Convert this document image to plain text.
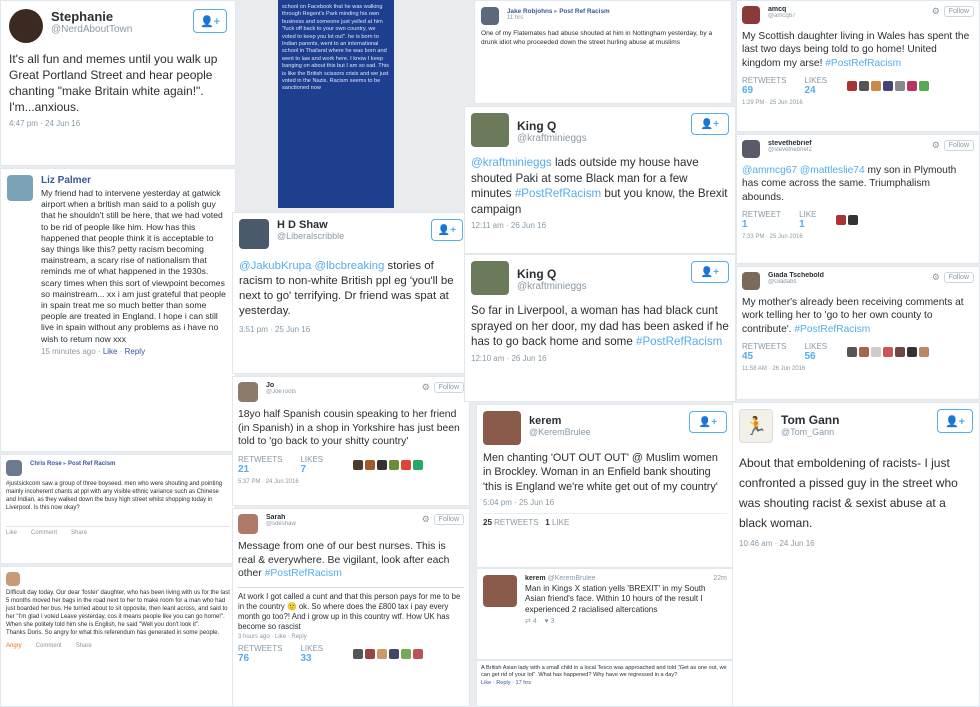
Stephanie
@NerdAboutTown
👤+
It's all fun and memes until you walk up Great Portland Street and hear people chanting "make Britain white again!". I'm...anxious.
4:47 pm · 24 Jun 16
Liz Palmer
My friend had to intervene yesterday at gatwick airport when a british man said to a polish guy that he shouldn't still be here, that we had voted to be rid of people like him. How has this happened that people think it is acceptable to say things like this? petty racism becoming mainstream, a scary rise of nationalism that reminds me of what happened in the 1930s. scary times when this sort of viewpoint becomes so mainstream... xx i am just grateful that people in spain treat me so much better than some people are treated in England. I hope i can still live in spain without any problems as i have no wish to return now xxx
15 minutes ago · Like · Reply
Chris Rose ▸ Post Ref Racism
#justsickcom saw a group of three boyseed. men who were shouting and pointing mainly incoherent chants at ppl with any visible ethnic variance such as Chinese and Indian, as they walked down the busy high street whilst shopping today in Liverpool. Is this now okay?
Like Comment Share
Difficult day today. Our dear 'foster' daughter, who has been living with us for the last 5 months moved her bags in the road next to her to make room for a man who had just boarded her bus. He turned about to sit opposite, then leant across, and said to her "I'm glad I voted Leave yesterday, cos it means people like you can go home!". When she politely told him she is English, he said "Well you don't look it".
Thanks Doris. So angry for what this referendum has generated in some people.
Angry Comment Share
school on Facebook that he was walking through Regent's Park minding his own business and someone just yelled at him "fuck off back to your own country, we voted to keep you lot out". he is born to Indian parents, went to an international school in Thailand where he was born and went to law and work here. I know I keep banging on about this but I am so sad. This is like the British scissors crisis and we just voted in the Nazis. Racism seems to be sanctioned now
H D Shaw
@Liberalscribble
👤+
@JakubKrupa @lbcbreaking stories of racism to non-white British ppl eg 'you'll be next to go' terrifying. Dr friend was spat at yesterday.
3:51 pm · 25 Jun 16
Jo
@JoeToots	⚙	Follow
18yo half Spanish cousin speaking to her friend (in Spanish) in a shop in Yorkshire has just been told to 'go back to your shitty country'
RETWEETS
21
LIKES
7
5:37 PM · 24 Jun 2016
Sarah
@sdeshaw	⚙	Follow
Message from one of our best nurses. This is real & everywhere. Be vigilant, look after each other #PostRefRacism
At work I got called a cunt and that this person pays for me to be in the country 🙂 ok. So where does the £800 tax i pay every month go too?! And i grow up in this country wtf. How UK has become so rascist
3 hours ago · Like · Reply
RETWEETS
76
LIKES
33
Jake Robjohns ▸ Post Ref Racism
11 hrs
One of my Flatemates had abuse shouted at him in Nottingham yesterday, by a drunk idiot who proceeded down the street hurling abuse at muslims
King Q
@kraftminieggs
👤+
@kraftminieggs lads outside my house have shouted Paki at some Black man for a few minutes #PostRefRacism but you know, the Brexit campaign
12:11 am · 26 Jun 16
King Q
@kraftminieggs
👤+
So far in Liverpool, a woman has had black cunt sprayed on her door, my dad has been asked if he has to go back home and some #PostRefRacism
12:10 am · 26 Jun 16
kerem
@KeremBrulee
👤+
Men chanting 'OUT OUT OUT' @ Muslim women in Brockley. Woman in an Enfield bank shouting 'this is England we're white get out of my country'
5:04 pm · 25 Jun 16
25 RETWEETS 1 LIKE
kerem @KeremBrulee	22m
Man in Kings X station yells 'BREXIT' in my South Asian friend's face. Within 10 hours of the result I experienced 2 racialised altercations
⇄ 4 ♥ 3
A British Asian lady with a small child in a local Tesco was approached and told "Get as one out, we can get rid of your lot". What has happened? Why have we regressed in a day?
Like · Reply · 17 hrs
amcq
@amcq67	⚙	Follow
My Scottish daughter living in Wales has spent the last two days being told to go home! United kingdom my arse! #PostRefRacism
RETWEETS
69
LIKES
24
1:29 PM · 25 Jun 2016
stevethebrief
@stevethebrief2	⚙	Follow
@ammcg67 @mattleslie74 my son in Plymouth has come across the same. Triumphalism abounds.
RETWEET
1
LIKE
1
7:33 PM · 25 Jun 2016
Giada Tschebold
@Giadabs	⚙	Follow
My mother's already been receiving comments at work telling her to 'go to her own county to contribute'. #PostRefRacism
RETWEETS
45
LIKES
56
11:58 AM · 26 Jun 2016
🏃 Tom Gann
@Tom_Gann
👤+
About that emboldening of racists- I just confronted a pissed guy in the street who was shouting racist & sexist abuse at a black woman.
10:46 am · 24 Jun 16
